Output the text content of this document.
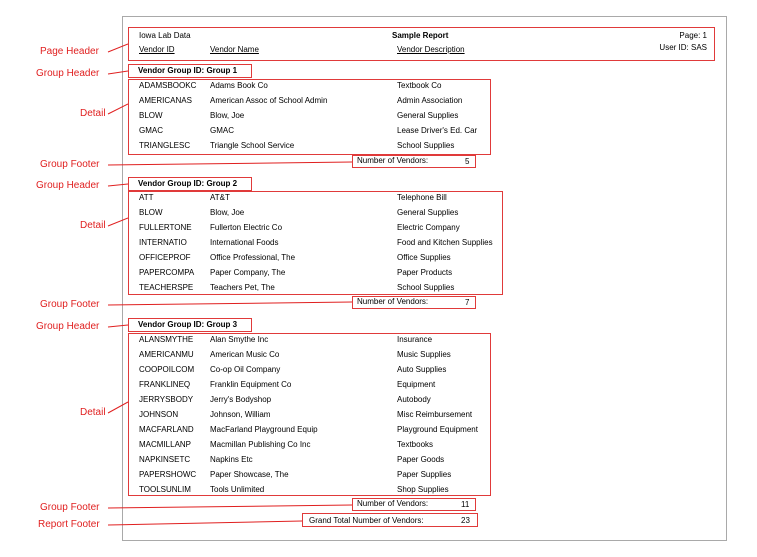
Iowa Lab Data	Sample Report	Page: 1
Vendor ID	Vendor Name	Vendor Description	User ID: SAS
Vendor Group ID: Group 1
ADAMSBOOKC Adams Book Co	Textbook Co
AMERICANAS American Assoc of School Admin	Admin Association
BLOW	Blow, Joe	General Supplies
GMAC	GMAC	Lease Driver's Ed. Car
TRIANGLESC Triangle School Service	School Supplies
Number of Vendors:	5
Vendor Group ID: Group 2
ATT	AT&T	Telephone Bill
BLOW	Blow, Joe	General Supplies
FULLERTONE Fullerton Electric Co	Electric Company
INTERNATIO	International Foods	Food and Kitchen Supplies
OFFICEPROF Office Professional, The	Office Supplies
PAPERCOMPA Paper Company, The	Paper Products
TEACHERSPE Teachers Pet, The	School Supplies
Number of Vendors:	7
Vendor Group ID: Group 3
ALANSMYTHE Alan Smythe Inc	Insurance
AMERICANMU American Music Co	Music Supplies
COOPOILCOM Co-op Oil Company	Auto Supplies
FRANKLINEQ Franklin Equipment Co	Equipment
JERRYSBODY Jerry's Bodyshop	Autobody
JOHNSON	Johnson, William	Misc Reimbursement
MACFARLAND MacFarland Playground Equip	Playground Equipment
MACMILLANP Macmillan Publishing Co Inc	Textbooks
NAPKINSETC Napkins Etc	Paper Goods
PAPERSHOWC Paper Showcase, The	Paper Supplies
TOOLSUNLIM Tools Unlimited	Shop Supplies
Number of Vendors:	11
Grand Total Number of Vendors:	23
Page Header
Group Header
Detail
Group Footer
Group Header
Detail
Group Footer
Group Header
Detail
Group Footer
Report Footer
